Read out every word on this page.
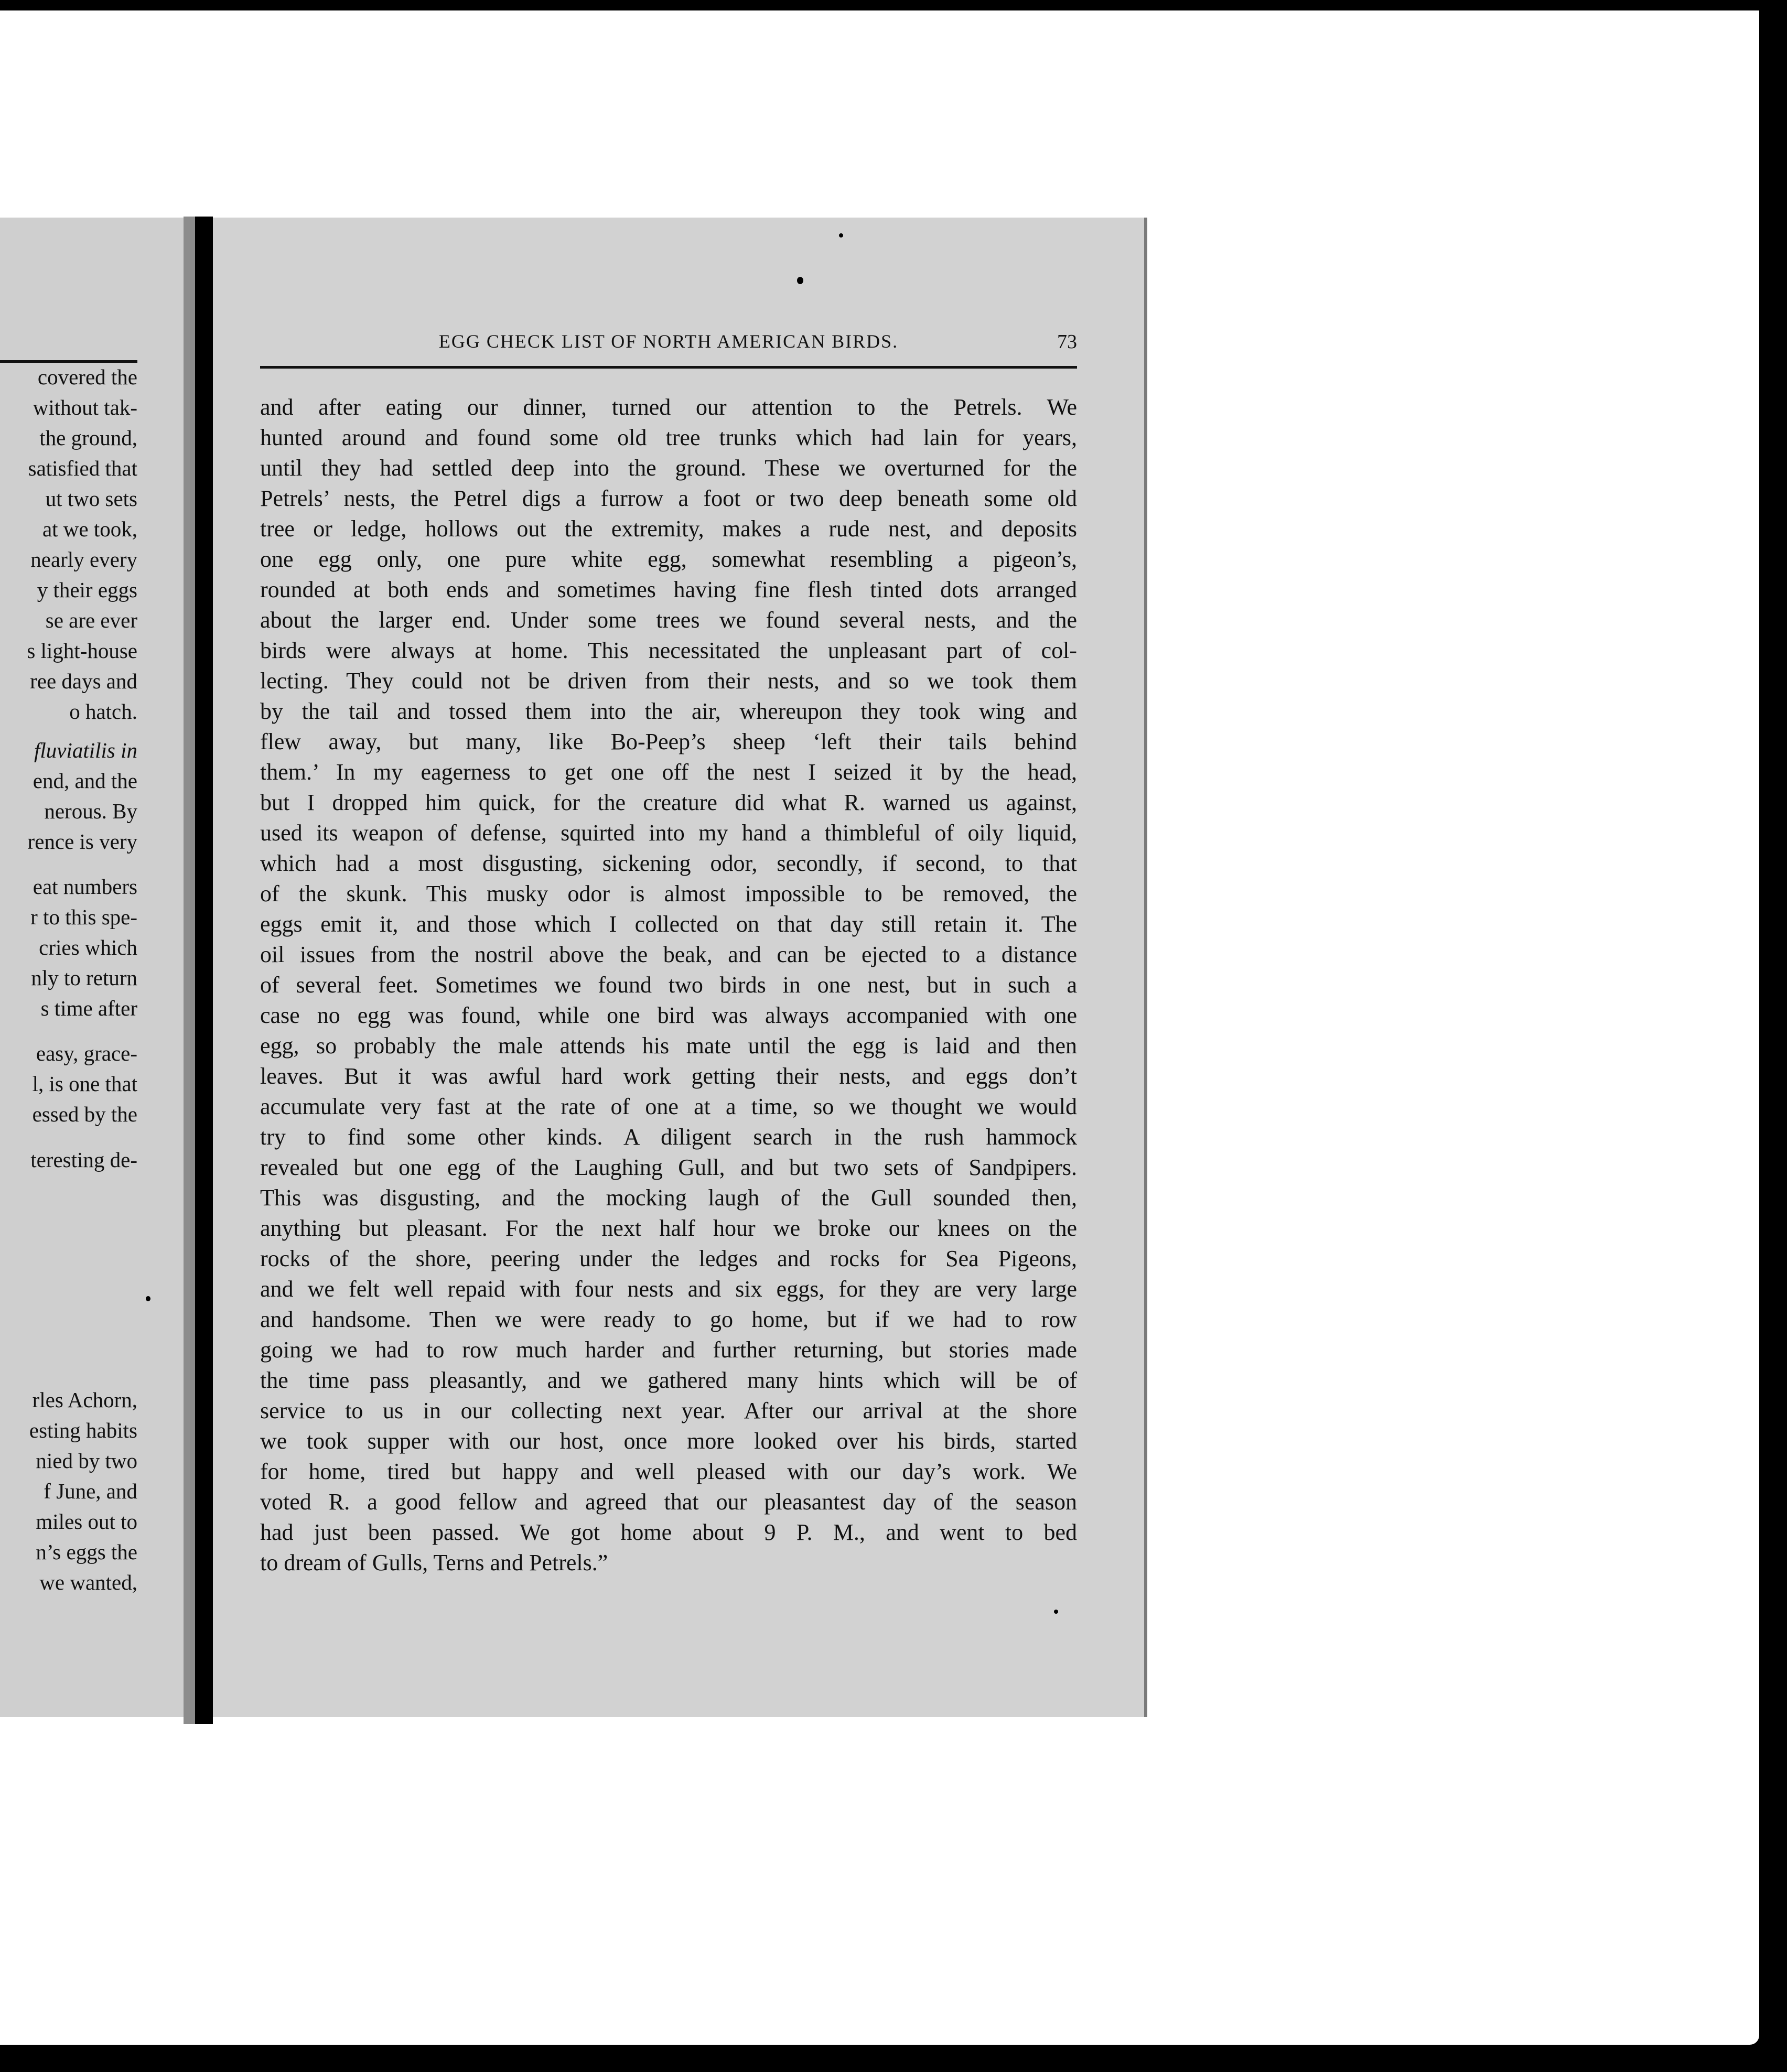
covered the
without tak-
the ground,
satisfied that
ut two sets
at we took,
nearly every
y their eggs
se are ever
s light-house
ree days and
o hatch.
fluviatilis in
end, and the
nerous. By
rence is very
eat numbers
r to this spe-
cries which
nly to return
s time after
easy, grace-
l, is one that
essed by the
teresting de-
rles Achorn,
esting habits
nied by two
f June, and
miles out to
n’s eggs the
we wanted,
EGG CHECK LIST OF NORTH AMERICAN BIRDS.	73
and after eating our dinner, turned our attention to the Petrels. We
hunted around and found some old tree trunks which had lain for years,
until they had settled deep into the ground. These we overturned for the
Petrels’ nests, the Petrel digs a furrow a foot or two deep beneath some old
tree or ledge, hollows out the extremity, makes a rude nest, and deposits
one egg only, one pure white egg, somewhat resembling a pigeon’s,
rounded at both ends and sometimes having fine flesh tinted dots arranged
about the larger end. Under some trees we found several nests, and the
birds were always at home. This necessitated the unpleasant part of col-
lecting. They could not be driven from their nests, and so we took them
by the tail and tossed them into the air, whereupon they took wing and
flew away, but many, like Bo-Peep’s sheep ‘left their tails behind
them.’ In my eagerness to get one off the nest I seized it by the head,
but I dropped him quick, for the creature did what R. warned us against,
used its weapon of defense, squirted into my hand a thimbleful of oily liquid,
which had a most disgusting, sickening odor, secondly, if second, to that
of the skunk. This musky odor is almost impossible to be removed, the
eggs emit it, and those which I collected on that day still retain it. The
oil issues from the nostril above the beak, and can be ejected to a distance
of several feet. Sometimes we found two birds in one nest, but in such a
case no egg was found, while one bird was always accompanied with one
egg, so probably the male attends his mate until the egg is laid and then
leaves. But it was awful hard work getting their nests, and eggs don’t
accumulate very fast at the rate of one at a time, so we thought we would
try to find some other kinds. A diligent search in the rush hammock
revealed but one egg of the Laughing Gull, and but two sets of Sandpipers.
This was disgusting, and the mocking laugh of the Gull sounded then,
anything but pleasant. For the next half hour we broke our knees on the
rocks of the shore, peering under the ledges and rocks for Sea Pigeons,
and we felt well repaid with four nests and six eggs, for they are very large
and handsome. Then we were ready to go home, but if we had to row
going we had to row much harder and further returning, but stories made
the time pass pleasantly, and we gathered many hints which will be of
service to us in our collecting next year. After our arrival at the shore
we took supper with our host, once more looked over his birds, started
for home, tired but happy and well pleased with our day’s work. We
voted R. a good fellow and agreed that our pleasantest day of the season
had just been passed. We got home about 9 P. M., and went to bed
to dream of Gulls, Terns and Petrels.”
